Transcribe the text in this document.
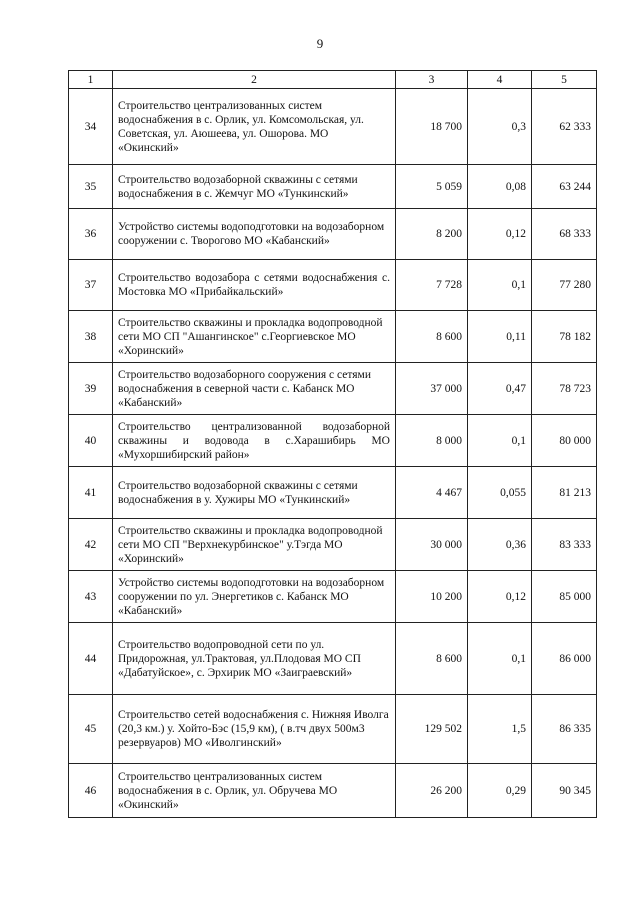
9
1	2	3	4	5
34	Строительство централизованных систем водоснабжения в с. Орлик, ул. Комсомольская, ул. Советская, ул. Аюшеева, ул. Ошорова. МО «Окинский»	18 700	0,3	62 333
35	Строительство водозаборной скважины с сетями водоснабжения в с. Жемчуг МО «Тункинский»	5 059	0,08	63 244
36	Устройство системы водоподготовки на водозаборном сооружении с. Творогово МО «Кабанский»	8 200	0,12	68 333
37	Строительство водозабора с сетями водоснабжения с. Мостовка МО «Прибайкальский»	7 728	0,1	77 280
38	Строительство скважины и прокладка водопроводной сети МО СП "Ашангинское" с.Георгиевское МО «Хоринский»	8 600	0,11	78 182
39	Строительство водозаборного сооружения с сетями водоснабжения в северной части с. Кабанск МО «Кабанский»	37 000	0,47	78 723
40	Строительство централизованной водозаборной скважины и водовода в с.Харашибирь МО «Мухоршибирский район»	8 000	0,1	80 000
41	Строительство водозаборной скважины с сетями водоснабжения в у. Хужиры МО «Тункинский»	4 467	0,055	81 213
42	Строительство скважины и прокладка водопроводной сети МО СП "Верхнекурбинское" у.Тэгда МО «Хоринский»	30 000	0,36	83 333
43	Устройство системы водоподготовки на водозаборном сооружении по ул. Энергетиков с. Кабанск МО «Кабанский»	10 200	0,12	85 000
44	Строительство водопроводной сети по ул. Придорожная, ул.Трактовая, ул.Плодовая МО СП «Дабатуйское», с. Эрхирик МО «Заиграевский»	8 600	0,1	86 000
45	Строительство сетей водоснабжения с. Нижняя Иволга (20,3 км.) у. Хойто-Бэс (15,9 км), ( в.тч двух 500м3 резервуаров) МО «Иволгинский»	129 502	1,5	86 335
46	Строительство централизованных систем водоснабжения в с. Орлик, ул. Обручева МО «Окинский»	26 200	0,29	90 345
